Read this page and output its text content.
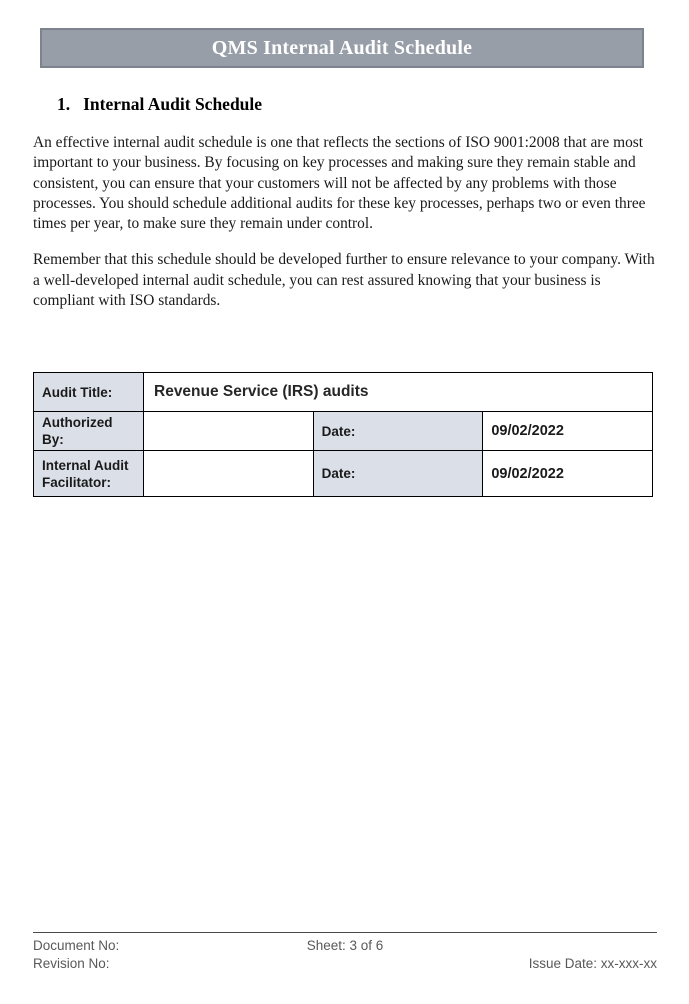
QMS Internal Audit Schedule
1. Internal Audit Schedule

An effective internal audit schedule is one that reflects the sections of ISO 9001:2008 that are most important to your business. By focusing on key processes and making sure they remain stable and consistent, you can ensure that your customers will not be affected by any problems with those processes. You should schedule additional audits for these key processes, perhaps two or even three times per year, to make sure they remain under control.

Remember that this schedule should be developed further to ensure relevance to your company. With a well-developed internal audit schedule, you can rest assured knowing that your business is compliant with ISO standards.

Audit Title:	Revenue Service (IRS) audits		
Authorized By:		Date:	09/02/2022
Internal Audit Facilitator:		Date:	09/02/2022
Document No:	Sheet: 3 of 6
Revision No:	Issue Date: xx-xxx-xx
